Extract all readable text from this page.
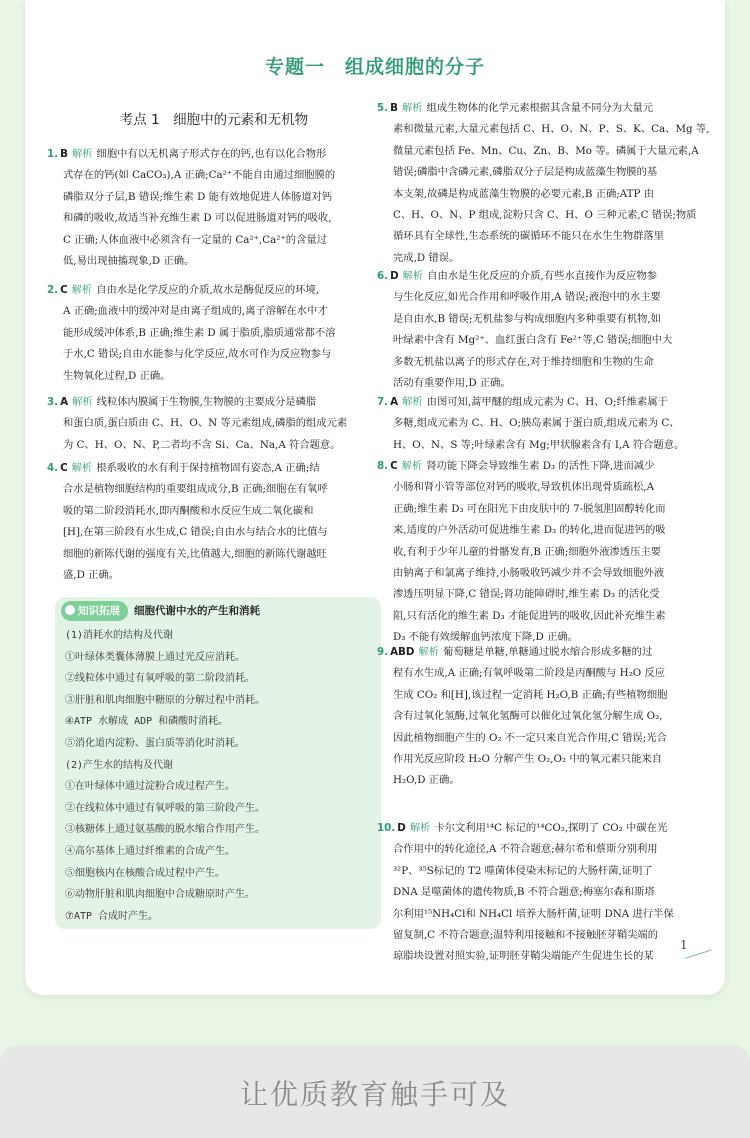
专题一　组成细胞的分子
考点 1　细胞中的元素和无机物
1. B 解析 细胞中有以无机离子形式存在的钙,也有以化合物形
式存在的钙(如 CaCO₃),A 正确;Ca²⁺不能自由通过细胞膜的
磷脂双分子层,B 错误;维生素 D 能有效地促进人体肠道对钙
和磷的吸收,故适当补充维生素 D 可以促进肠道对钙的吸收,
C 正确;人体血液中必须含有一定量的 Ca²⁺,Ca²⁺的含量过
低,易出现抽搐现象,D 正确。
2. C 解析 自由水是化学反应的介质,故水是酶促反应的环境,
A 正确;血液中的缓冲对是由离子组成的,离子溶解在水中才
能形成缓冲体系,B 正确;维生素 D 属于脂质,脂质通常都不溶
于水,C 错误;自由水能参与化学反应,故水可作为反应物参与
生物氧化过程,D 正确。
3. A 解析 线粒体内膜属于生物膜,生物膜的主要成分是磷脂
和蛋白质,蛋白质由 C、H、O、N 等元素组成,磷脂的组成元素
为 C、H、O、N、P,二者均不含 Si、Ca、Na,A 符合题意。
4. C 解析 根系吸收的水有利于保持植物固有姿态,A 正确;结
合水是植物细胞结构的重要组成成分,B 正确;细胞在有氧呼
吸的第二阶段消耗水,即丙酮酸和水反应生成二氧化碳和
[H],在第三阶段有水生成,C 错误;自由水与结合水的比值与
细胞的新陈代谢的强度有关,比值越大,细胞的新陈代谢越旺
盛,D 正确。
知识拓展 细胞代谢中水的产生和消耗
(1)消耗水的结构及代谢
①叶绿体类囊体薄膜上通过光反应消耗。
②线粒体中通过有氧呼吸的第二阶段消耗。
③肝脏和肌肉细胞中糖原的分解过程中消耗。
④ATP 水解成 ADP 和磷酸时消耗。
⑤消化道内淀粉、蛋白质等消化时消耗。
(2)产生水的结构及代谢
①在叶绿体中通过淀粉合成过程产生。
②在线粒体中通过有氧呼吸的第三阶段产生。
③核糖体上通过氨基酸的脱水缩合作用产生。
④高尔基体上通过纤维素的合成产生。
⑤细胞核内在核酸合成过程中产生。
⑥动物肝脏和肌肉细胞中合成糖原时产生。
⑦ATP 合成时产生。
5. B 解析 组成生物体的化学元素根据其含量不同分为大量元
素和微量元素,大量元素包括 C、H、O、N、P、S、K、Ca、Mg 等,
微量元素包括 Fe、Mn、Cu、Zn、B、Mo 等。磷属于大量元素,A
错误;磷脂中含磷元素,磷脂双分子层是构成蓝藻生物膜的基
本支架,故磷是构成蓝藻生物膜的必要元素,B 正确;ATP 由
C、H、O、N、P 组成,淀粉只含 C、H、O 三种元素,C 错误;物质
循环具有全球性,生态系统的碳循环不能只在水生生物群落里
完成,D 错误。
6. D 解析 自由水是生化反应的介质,有些水直接作为反应物参
与生化反应,如光合作用和呼吸作用,A 错误;液泡中的水主要
是自由水,B 错误;无机盐参与构成细胞内多种重要有机物,如
叶绿素中含有 Mg²⁺、血红蛋白含有 Fe²⁺等,C 错误;细胞中大
多数无机盐以离子的形式存在,对于维持细胞和生物的生命
活动有重要作用,D 正确。
7. A 解析 由图可知,蒿甲醚的组成元素为 C、H、O;纤维素属于
多糖,组成元素为 C、H、O;胰岛素属于蛋白质,组成元素为 C、
H、O、N、S 等;叶绿素含有 Mg;甲状腺素含有 I,A 符合题意。
8. C 解析 肾功能下降会导致维生素 D₃ 的活性下降,进而减少
小肠和肾小管等部位对钙的吸收,导致机体出现骨质疏松,A
正确;维生素 D₃ 可在阳光下由皮肤中的 7-脱氢胆固醇转化而
来,适度的户外活动可促进维生素 D₃ 的转化,进而促进钙的吸
收,有利于少年儿童的骨骼发育,B 正确;细胞外液渗透压主要
由钠离子和氯离子维持,小肠吸收钙减少并不会导致细胞外液
渗透压明显下降,C 错误;肾功能障碍时,维生素 D₃ 的活化受
阻,只有活化的维生素 D₃ 才能促进钙的吸收,因此补充维生素
D₃ 不能有效缓解血钙浓度下降,D 正确。
9. ABD 解析 葡萄糖是单糖,单糖通过脱水缩合形成多糖的过
程有水生成,A 正确;有氧呼吸第二阶段是丙酮酸与 H₂O 反应
生成 CO₂ 和[H],该过程一定消耗 H₂O,B 正确;有些植物细胞
含有过氧化氢酶,过氧化氢酶可以催化过氧化氢分解生成 O₂,
因此植物细胞产生的 O₂ 不一定只来自光合作用,C 错误;光合
作用光反应阶段 H₂O 分解产生 O₂,O₂ 中的氧元素只能来自
H₂O,D 正确。
10. D 解析 卡尔文利用¹⁴C 标记的¹⁴CO₂,探明了 CO₂ 中碳在光
合作用中的转化途径,A 不符合题意;赫尔希和蔡斯分别利用
³²P、³⁵S标记的 T2 噬菌体侵染未标记的大肠杆菌,证明了
DNA 是噬菌体的遗传物质,B 不符合题意;梅塞尔森和斯塔
尔利用¹⁵NH₄Cl和 NH₄Cl 培养大肠杆菌,证明 DNA 进行半保
留复制,C 不符合题意;温特利用接触和不接触胚芽鞘尖端的
琼脂块设置对照实验,证明胚芽鞘尖端能产生促进生长的某
1
让优质教育触手可及
